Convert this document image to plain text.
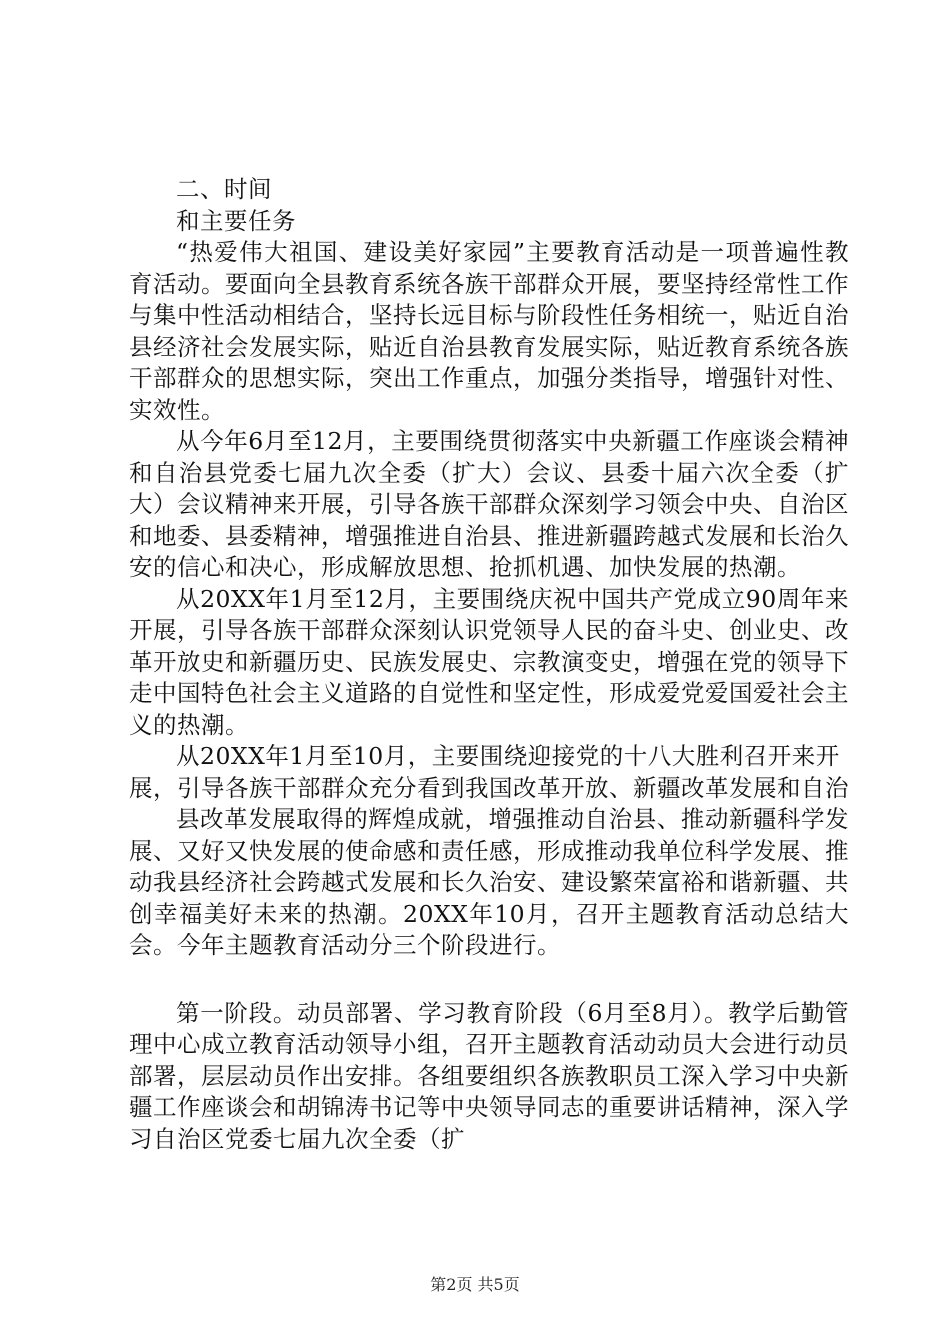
二、时间

和主要任务

“热爱伟大祖国、建设美好家园”主要教育活动是一项普遍性教育活动。要面向全县教育系统各族干部群众开展，要坚持经常性工作与集中性活动相结合，坚持长远目标与阶段性任务相统一，贴近自治县经济社会发展实际，贴近自治县教育发展实际，贴近教育系统各族干部群众的思想实际，突出工作重点，加强分类指导，增强针对性、实效性。

从今年6月至12月，主要围绕贯彻落实中央新疆工作座谈会精神和自治县党委七届九次全委（扩大）会议、县委十届六次全委（扩大）会议精神来开展，引导各族干部群众深刻学习领会中央、自治区和地委、县委精神，增强推进自治县、推进新疆跨越式发展和长治久安的信心和决心，形成解放思想、抢抓机遇、加快发展的热潮。

从20XX年1月至12月，主要围绕庆祝中国共产党成立90周年来开展，引导各族干部群众深刻认识党领导人民的奋斗史、创业史、改革开放史和新疆历史、民族发展史、宗教演变史，增强在党的领导下走中国特色社会主义道路的自觉性和坚定性，形成爱党爱国爱社会主义的热潮。

从20XX年1月至10月，主要围绕迎接党的十八大胜利召开来开展，引导各族干部群众充分看到我国改革开放、新疆改革发展和自治

县改革发展取得的辉煌成就，增强推动自治县、推动新疆科学发展、又好又快发展的使命感和责任感，形成推动我单位科学发展、推动我县经济社会跨越式发展和长久治安、建设繁荣富裕和谐新疆、共创幸福美好未来的热潮。20XX年10月，召开主题教育活动总结大会。今年主题教育活动分三个阶段进行。

第一阶段。动员部署、学习教育阶段（6月至8月）。教学后勤管理中心成立教育活动领导小组，召开主题教育活动动员大会进行动员部署，层层动员作出安排。各组要组织各族教职员工深入学习中央新疆工作座谈会和胡锦涛书记等中央领导同志的重要讲话精神，深入学习自治区党委七届九次全委（扩

第2页 共5页
